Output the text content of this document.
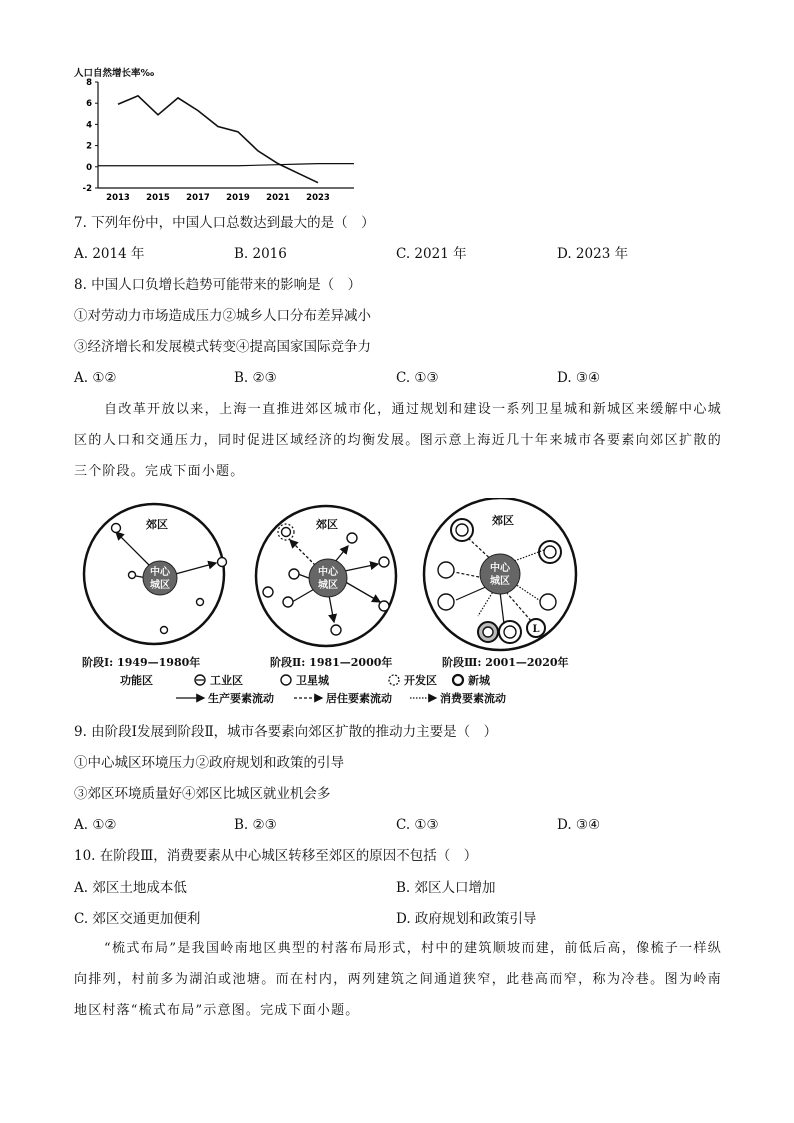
人口自然增长率‰
8
6
4
2
0
-2
2013 2015 2017 2019 2021 2023
7. 下列年份中，中国人口总数达到最大的是（　）
A. 2014 年	B. 2016	C. 2021 年	D. 2023 年
8. 中国人口负增长趋势可能带来的影响是（　）
①对劳动力市场造成压力②城乡人口分布差异减小
③经济增长和发展模式转变④提高国家国际竞争力
A. ①②	B. ②③	C. ①③	D. ③④
自改革开放以来，上海一直推进郊区城市化，通过规划和建设一系列卫星城和新城区来缓解中心城区的人口和交通压力，同时促进区域经济的均衡发展。图示意上海近几十年来城市各要素向郊区扩散的三个阶段。完成下面小题。
郊区
中心
城区
郊区
中心
城区
郊区
L
中心
城区
阶段Ⅰ: 1949—1980年	阶段Ⅱ: 1981—2000年	阶段Ⅲ: 2001—2020年
功能区	工业区	卫星城	开发区	新城
生产要素流动	居住要素流动	消费要素流动
9. 由阶段Ⅰ发展到阶段Ⅱ，城市各要素向郊区扩散的推动力主要是（　）
①中心城区环境压力②政府规划和政策的引导
③郊区环境质量好④郊区比城区就业机会多
A. ①②	B. ②③	C. ①③	D. ③④
10. 在阶段Ⅲ，消费要素从中心城区转移至郊区的原因不包括（　）
A. 郊区土地成本低	B. 郊区人口增加
C. 郊区交通更加便利	D. 政府规划和政策引导
“梳式布局”是我国岭南地区典型的村落布局形式，村中的建筑顺坡而建，前低后高，像梳子一样纵向排列，村前多为湖泊或池塘。而在村内，两列建筑之间通道狭窄，此巷高而窄，称为冷巷。图为岭南地区村落“梳式布局”示意图。完成下面小题。
